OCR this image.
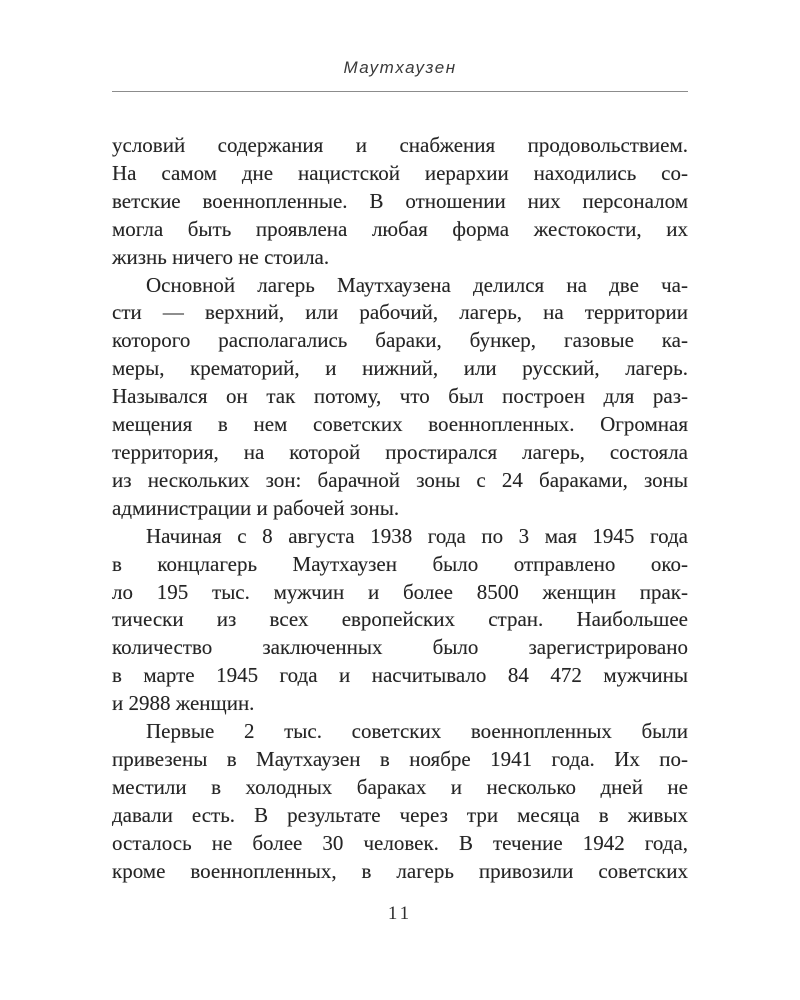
Маутхаузен

условий содержания и снабжения продовольствием.
На самом дне нацистской иерархии находились со-
ветские военнопленные. В отношении них персоналом
могла быть проявлена любая форма жестокости, их
жизнь ничего не стоила.

Основной лагерь Маутхаузена делился на две ча-
сти — верхний, или рабочий, лагерь, на территории
которого располагались бараки, бункер, газовые ка-
меры, крематорий, и нижний, или русский, лагерь.
Назывался он так потому, что был построен для раз-
мещения в нем советских военнопленных. Огромная
территория, на которой простирался лагерь, состояла
из нескольких зон: барачной зоны с 24 бараками, зоны
администрации и рабочей зоны.

Начиная с 8 августа 1938 года по 3 мая 1945 года
в концлагерь Маутхаузен было отправлено око-
ло 195 тыс. мужчин и более 8500 женщин прак-
тически из всех европейских стран. Наибольшее
количество заключенных было зарегистрировано
в марте 1945 года и насчитывало 84 472 мужчины
и 2988 женщин.

Первые 2 тыс. советских военнопленных были
привезены в Маутхаузен в ноябре 1941 года. Их по-
местили в холодных бараках и несколько дней не
давали есть. В результате через три месяца в живых
осталось не более 30 человек. В течение 1942 года,
кроме военнопленных, в лагерь привозили советских

11
